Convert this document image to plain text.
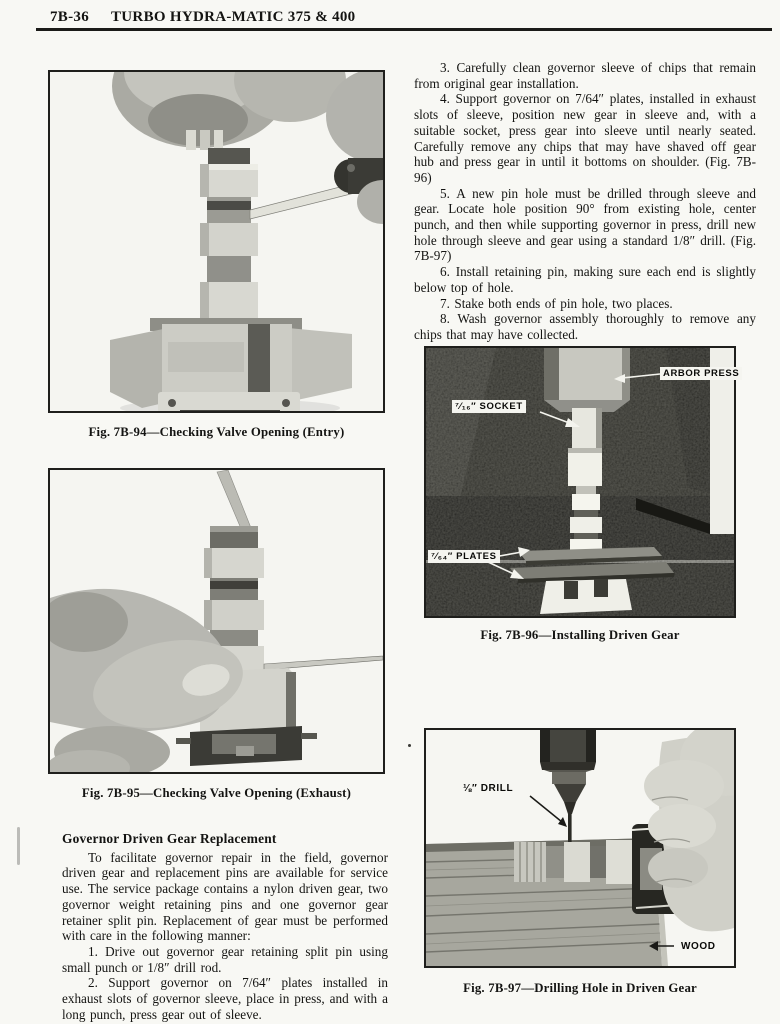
7B-36 TURBO HYDRA-MATIC 375 & 400
Fig. 7B-94—Checking Valve Opening (Entry)
Fig. 7B-95—Checking Valve Opening (Exhaust)
Governor Driven Gear Replacement

To facilitate governor repair in the field, governor driven gear and replacement pins are available for service use. The service package contains a nylon driven gear, two governor weight retaining pins and one governor gear retainer split pin. Replacement of gear must be performed with care in the following manner:

1. Drive out governor gear retaining split pin using small punch or 1/8″ drill rod.

2. Support governor on 7/64″ plates installed in exhaust slots of governor sleeve, place in press, and with a long punch, press gear out of sleeve.

3. Carefully clean governor sleeve of chips that remain from original gear installation.

4. Support governor on 7/64″ plates, installed in exhaust slots of sleeve, position new gear in sleeve and, with a suitable socket, press gear into sleeve until nearly seated. Carefully remove any chips that may have shaved off gear hub and press gear in until it bottoms on shoulder. (Fig. 7B-96)

5. A new pin hole must be drilled through sleeve and gear. Locate hole position 90° from existing hole, center punch, and then while supporting governor in press, drill new hole through sleeve and gear using a standard 1/8″ drill. (Fig. 7B-97)

6. Install retaining pin, making sure each end is slightly below top of hole.

7. Stake both ends of pin hole, two places.

8. Wash governor assembly thoroughly to remove any chips that may have collected.

ARBOR PRESS
⁷⁄₁₆″ SOCKET
⁷⁄₆₄″ PLATES
Fig. 7B-96—Installing Driven Gear
⅛″ DRILL
WOOD
Fig. 7B-97—Drilling Hole in Driven Gear
